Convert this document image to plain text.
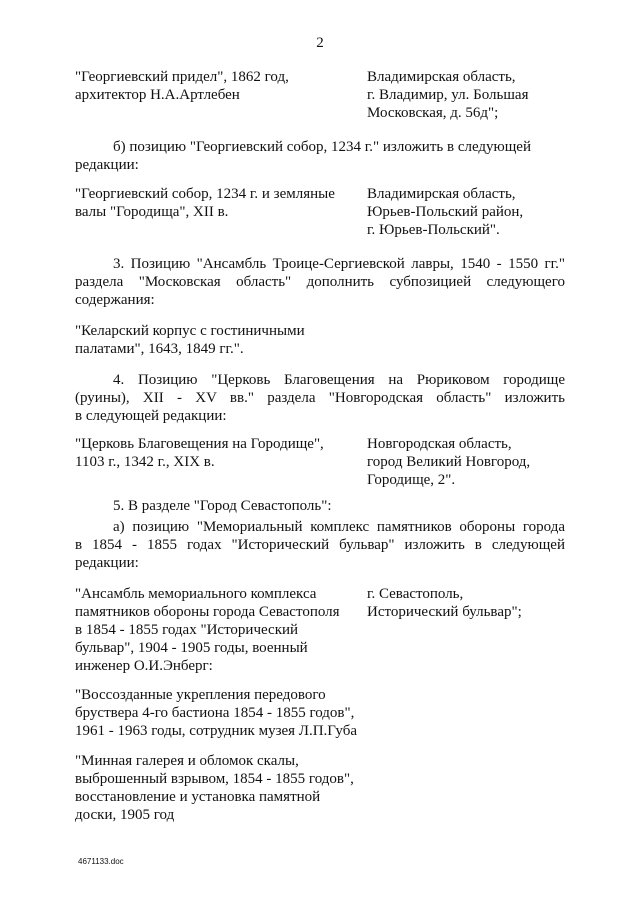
2
"Георгиевский придел", 1862 год,
архитектор Н.А.Артлебен
Владимирская область,
г. Владимир, ул. Большая
Московская, д. 56д";
б) позицию "Георгиевский собор, 1234 г." изложить в следующей
редакции:
"Георгиевский собор, 1234 г. и земляные
валы "Городища", XII в.
Владимирская область,
Юрьев-Польский район,
г. Юрьев-Польский".
3. Позицию "Ансамбль Троице-Сергиевской лавры, 1540 - 1550 гг."
раздела "Московская область" дополнить субпозицией следующего
содержания:
"Келарский корпус с гостиничными
палатами", 1643, 1849 гг.".
4. Позицию "Церковь Благовещения на Рюриковом городище
(руины), XII - XV вв." раздела "Новгородская область" изложить
в следующей редакции:
"Церковь Благовещения на Городище",
1103 г., 1342 г., XIX в.
Новгородская область,
город Великий Новгород,
Городище, 2".
5. В разделе "Город Севастополь":
а) позицию "Мемориальный комплекс памятников обороны города
в 1854 - 1855 годах "Исторический бульвар" изложить в следующей
редакции:
"Ансамбль мемориального комплекса
памятников обороны города Севастополя
в 1854 - 1855 годах "Исторический
бульвар", 1904 - 1905 годы, военный
инженер О.И.Энберг:
г. Севастополь,
Исторический бульвар";
"Воссозданные укрепления передового
бруствера 4-го бастиона 1854 - 1855 годов",
1961 - 1963 годы, сотрудник музея Л.П.Губа
"Минная галерея и обломок скалы,
выброшенный взрывом, 1854 - 1855 годов",
восстановление и установка памятной
доски, 1905 год
4671133.doc
